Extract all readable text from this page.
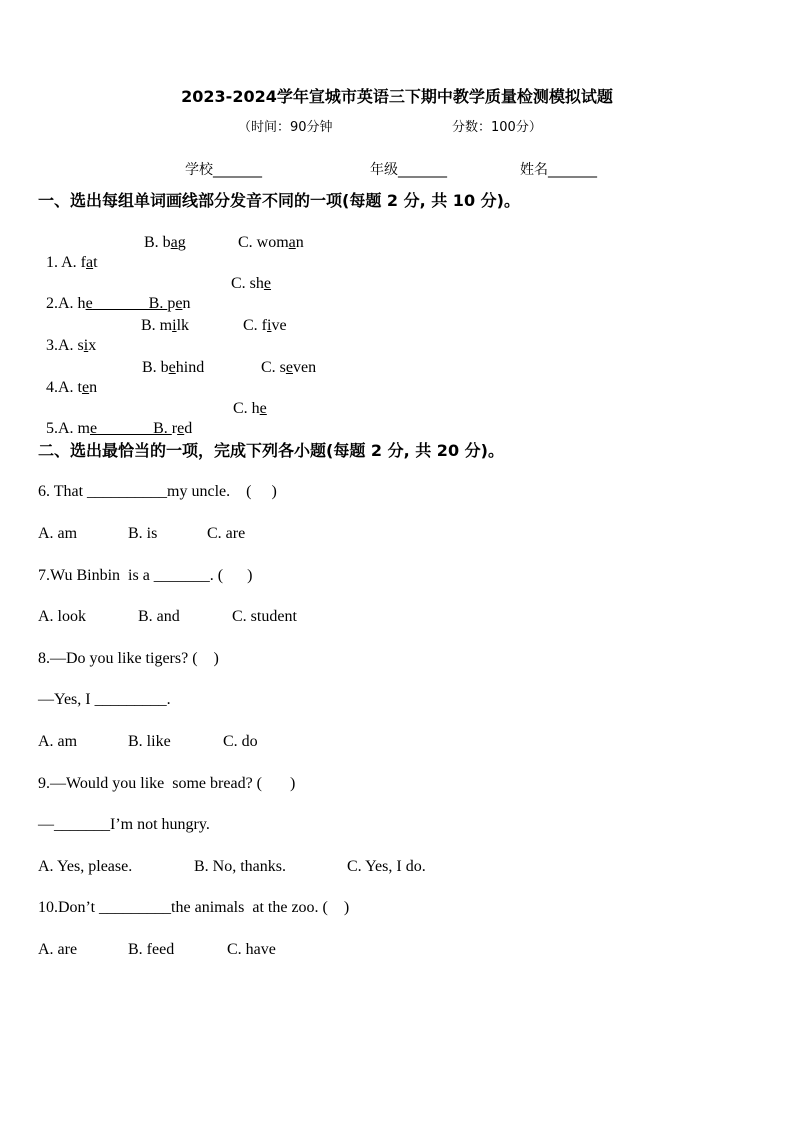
2023-2024学年宣城市英语三下期中教学质量检测模拟试题
（时间：90分钟	分数：100分）
学校_______	年级_______	姓名_______
一、选出每组单词画线部分发音不同的一项(每题 2 分, 共 10 分)。

1. A. fat

B. bag	C. woman

2.A. he_______B. pen

C. she

3.A. six

B. milk	C. five

4.A. ten

B. behind	C. seven

5.A. me_______B. red

C. he
二、选出最恰当的一项，完成下列各小题(每题 2 分, 共 20 分)。
6. That __________my uncle.    (     )
A. am	B. is	C. are
7.Wu Binbin  is a _______. (      )
A. look	B. and	C. student
8.—Do you like tigers? (    )
—Yes, I _________.
A. am	B. like	C. do
9.—Would you like  some bread? (       )
—_______I’m not hungry.
A. Yes, please.	B. No, thanks.	C. Yes, I do.
10.Don’t _________the animals  at the zoo. (    )
A. are	B. feed	C. have
